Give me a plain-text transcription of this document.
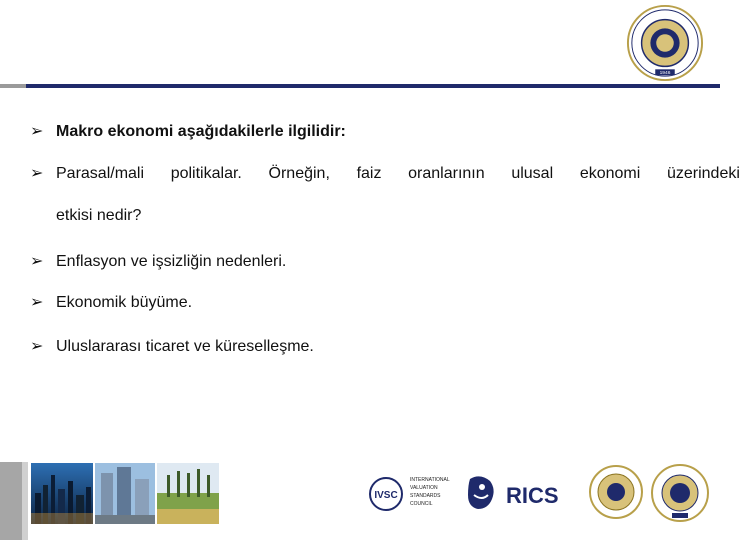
1946
➢ Makro ekonomi aşağıdakilerle ilgilidir:
➢ Parasal/mali politikalar. Örneğin, faiz oranlarının ulusal ekonomi üzerindeki
etkisi nedir?
➢ Enflasyon ve işsizliğin nedenleri.
➢ Ekonomik büyüme.
➢ Uluslararası ticaret ve küreselleşme.
IVSC
INTERNATIONAL
VALUATION
STANDARDS
COUNCIL	RICS
